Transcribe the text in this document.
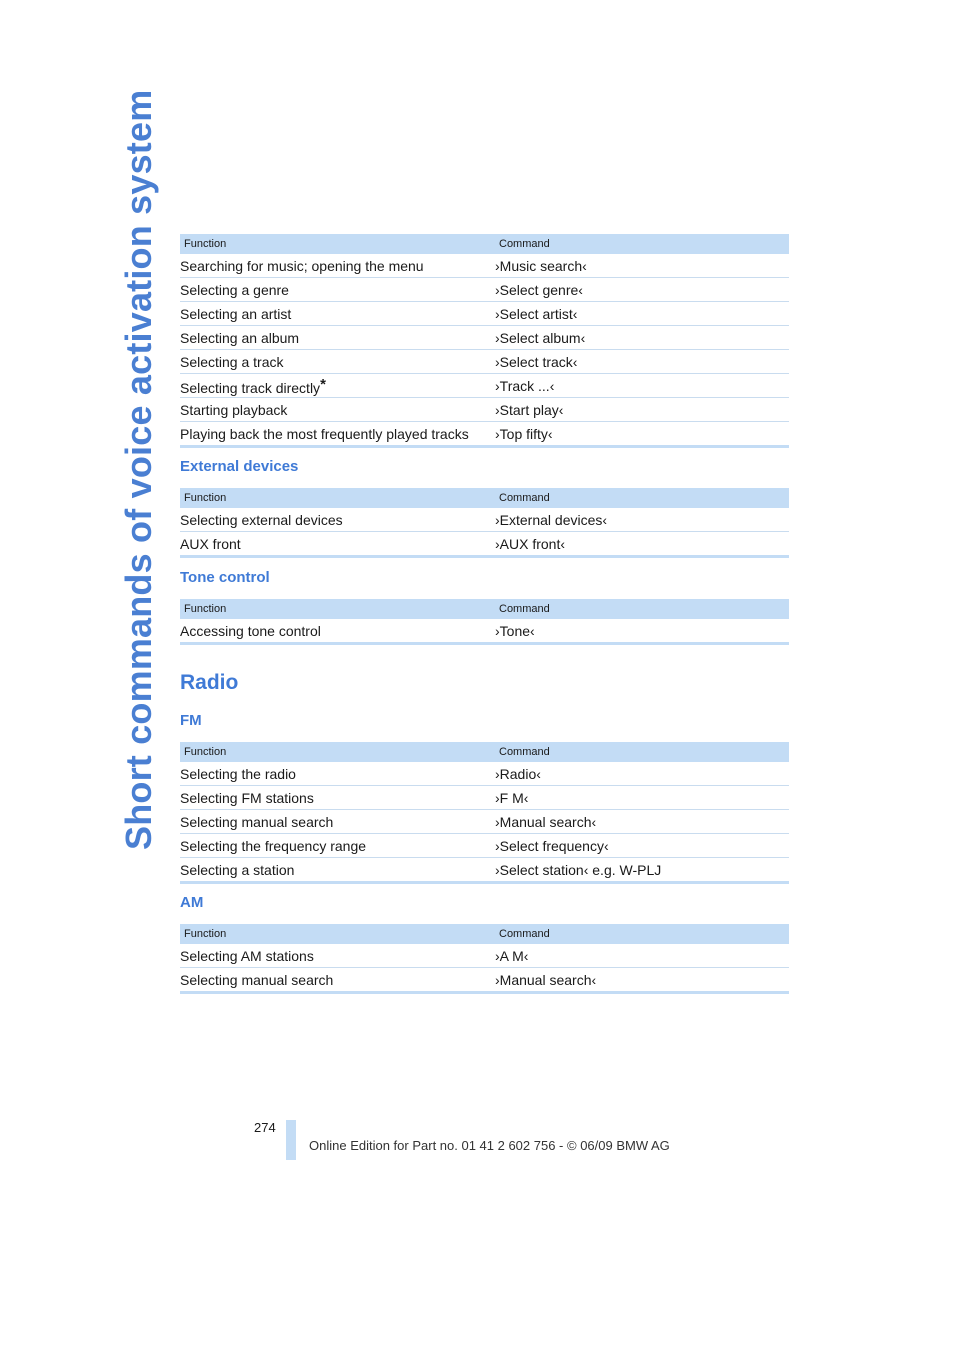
Short commands of voice activation system Function	Command
Searching for music; opening the menu	›Music search‹
Selecting a genre	›Select genre‹
Selecting an artist	›Select artist‹
Selecting an album	›Select album‹
Selecting a track	›Select track‹
Selecting track directly*	›Track ...‹
Starting playback	›Start play‹
Playing back the most frequently played tracks	›Top fifty‹
External devices
Function	Command
Selecting external devices	›External devices‹
AUX front	›AUX front‹
Tone control
Function	Command
Accessing tone control	›Tone‹
Radio
FM
Function	Command
Selecting the radio	›Radio‹
Selecting FM stations	›F M‹
Selecting manual search	›Manual search‹
Selecting the frequency range	›Select frequency‹
Selecting a station	›Select station‹ e.g. W-PLJ
AM
Function	Command
Selecting AM stations	›A M‹
Selecting manual search	›Manual search‹
274
Online Edition for Part no. 01 41 2 602 756 - © 06/09 BMW AG
